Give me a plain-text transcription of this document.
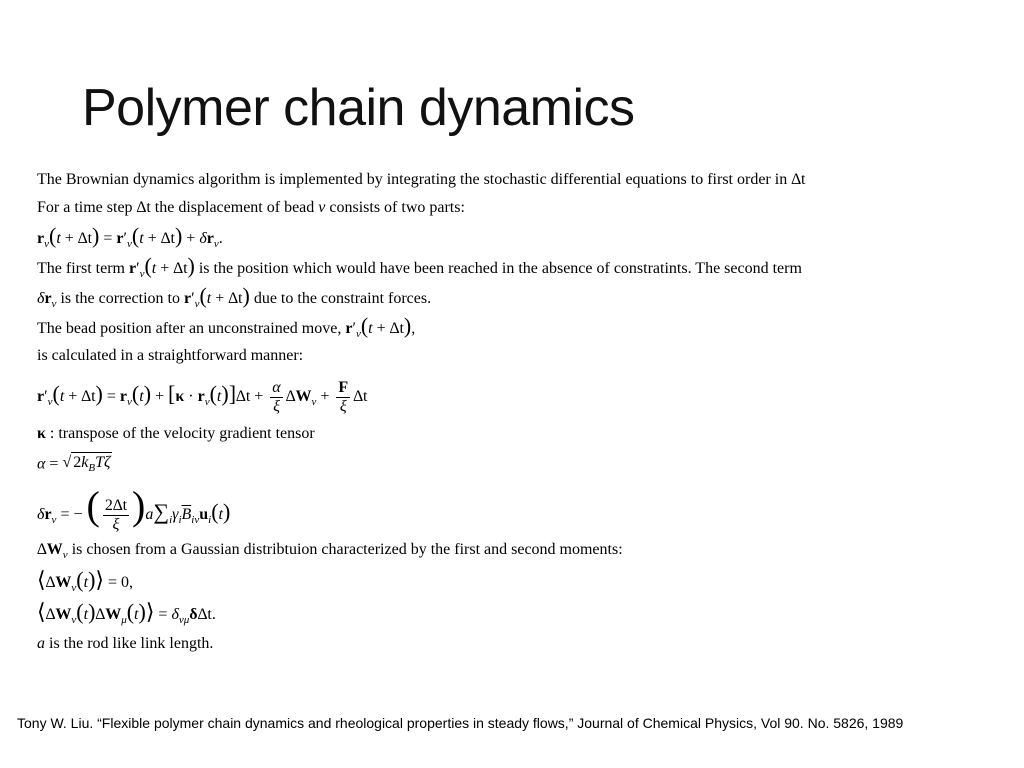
Polymer chain dynamics
The Brownian dynamics algorithm is implemented by integrating the stochastic differential equations to first order in ∆t
For a time step ∆t the displacement of bead ν consists of two parts:
$r_\nu(t + \Delta t) = r'_\nu(t + \Delta t) + \delta r_\nu$.
The first term $r'_\nu(t + \Delta t)$ is the position which would have been reached in the absence of constratints. The second term
$\delta r_\nu$ is the correction to $r'_\nu(t + \Delta t)$ due to the constraint forces.
The bead position after an unconstrained move, $r'_\nu(t + \Delta t)$,
is calculated in a straightforward manner:
$r'_\nu(t + \Delta t) = r_\nu(t) + [\kappa \cdot r_\nu(t)]\Delta t + \frac{\alpha}{\xi} \Delta W_\nu + \frac{F}{\xi} \Delta t$
κ : transpose of the velocity gradient tensor
α = √ $2k_BT\zeta$
$\delta r_\nu$ = − ( $\frac{2\Delta t}{\xi} )a\sum_i\gamma_i\overline{B}_{i\nu}u_i(t)$
$\Delta W_\nu$ is chosen from a Gaussian distribtuion characterized by the first and second moments:
$⟨\Delta W_\nu(t)⟩ = 0$,
$⟨\Delta W_\nu(t)\Delta W_\mu(t)⟩ = \delta_{\nu\mu}\delta\Delta t$.
a is the rod like link length.
Tony W. Liu. “Flexible polymer chain dynamics and rheological properties in steady flows,” Journal of Chemical Physics, Vol 90. No. 5826, 1989
